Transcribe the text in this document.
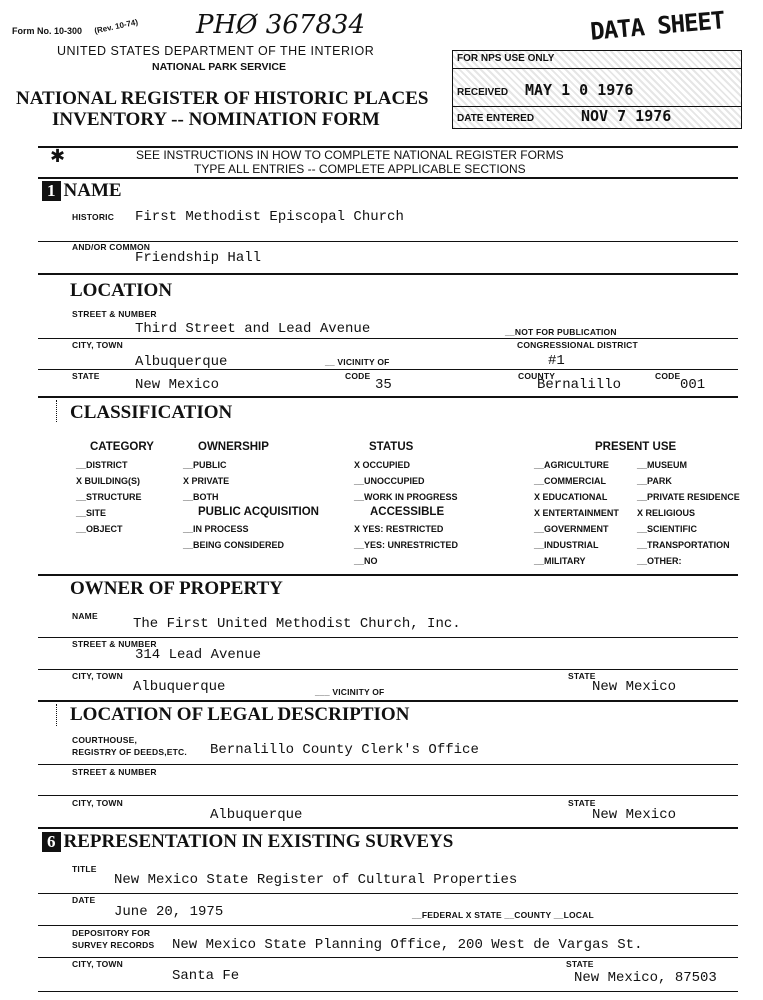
Form No. 10-300 (Rev. 10-74) PHØ 367834
UNITED STATES DEPARTMENT OF THE INTERIOR
NATIONAL PARK SERVICE
NATIONAL REGISTER OF HISTORIC PLACES
INVENTORY -- NOMINATION FORM
DATA SHEET
FOR NPS USE ONLY
RECEIVED MAY 1 0 1976
DATE ENTERED	NOV 7 1976
✱	SEE INSTRUCTIONS IN HOW TO COMPLETE NATIONAL REGISTER FORMS
TYPE ALL ENTRIES -- COMPLETE APPLICABLE SECTIONS
1 NAME
HISTORIC First Methodist Episcopal Church
AND/OR COMMON
Friendship Hall
LOCATION
STREET & NUMBER
Third Street and Lead Avenue	__NOT FOR PUBLICATION
CITY, TOWN	CONGRESSIONAL DISTRICT
Albuquerque	__ VICINITY OF	#1
STATE	CODE	COUNTY	CODE
New Mexico	35	Bernalillo	001
CLASSIFICATION
CATEGORY
__DISTRICT
X BUILDING(S)
__STRUCTURE
__SITE
__OBJECT
OWNERSHIP
__PUBLIC
X PRIVATE
__BOTH
PUBLIC ACQUISITION
__IN PROCESS
__BEING CONSIDERED
STATUS
X OCCUPIED
__UNOCCUPIED
__WORK IN PROGRESS
ACCESSIBLE
X YES: RESTRICTED
__YES: UNRESTRICTED
__NO
PRESENT USE
__AGRICULTURE
__COMMERCIAL
X EDUCATIONAL
X ENTERTAINMENT
__GOVERNMENT
__INDUSTRIAL
__MILITARY
__MUSEUM
__PARK
__PRIVATE RESIDENCE
X RELIGIOUS
__SCIENTIFIC
__TRANSPORTATION
__OTHER:
OWNER OF PROPERTY
NAME	The First United Methodist Church, Inc.
STREET & NUMBER
314 Lead Avenue
CITY, TOWN	STATE
Albuquerque	___ VICINITY OF	New Mexico
LOCATION OF LEGAL DESCRIPTION
COURTHOUSE,
REGISTRY OF DEEDS,ETC. Bernalillo County Clerk's Office
STREET & NUMBER
CITY, TOWN	STATE
Albuquerque	New Mexico
6 REPRESENTATION IN EXISTING SURVEYS
TITLE
New Mexico State Register of Cultural Properties
DATE
June 20, 1975	__FEDERAL X STATE __COUNTY __LOCAL
DEPOSITORY FOR
SURVEY RECORDS New Mexico State Planning Office, 200 West de Vargas St.
CITY, TOWN	STATE
Santa Fe	New Mexico, 87503
